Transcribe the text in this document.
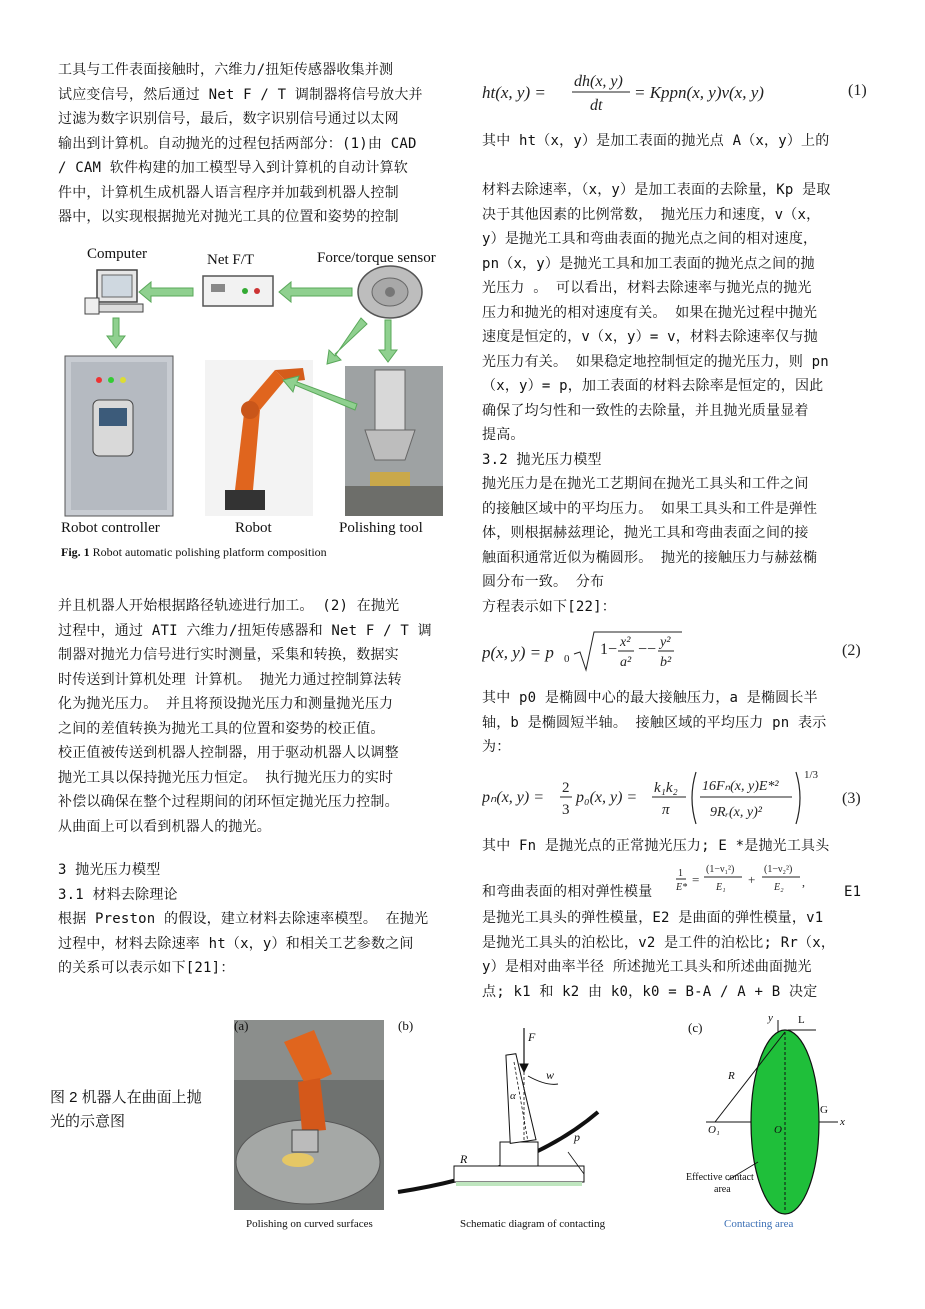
工具与工件表面接触时，六维力/扭矩传感器收集并测

试应变信号，然后通过 Net F / T 调制器将信号放大并

过滤为数字识别信号，最后，数字识别信号通过以太网

输出到计算机。自动抛光的过程包括两部分：(1)由 CAD

/ CAM 软件构建的加工模型导入到计算机的自动计算软

件中，计算机生成机器人语言程序并加载到机器人控制

器中，以实现根据抛光对抛光工具的位置和姿势的控制

Computer	Net F/T	Force/torque sensor
Robot controller	Robot	Polishing tool
Fig. 1 Robot automatic polishing platform composition

并且机器人开始根据路径轨迹进行加工。 (2) 在抛光

过程中，通过 ATI 六维力/扭矩传感器和 Net F / T 调

制器对抛光力信号进行实时测量，采集和转换，数据实

时传送到计算机处理 计算机。 抛光力通过控制算法转

化为抛光压力。 并且将预设抛光压力和测量抛光压力

之间的差值转换为抛光工具的位置和姿势的校正值。

校正值被传送到机器人控制器，用于驱动机器人以调整

抛光工具以保持抛光压力恒定。 执行抛光压力的实时

补偿以确保在整个过程期间的闭环恒定抛光压力控制。

从曲面上可以看到机器人的抛光。

3 抛光压力模型

3.1 材料去除理论

根据 Preston 的假设，建立材料去除速率模型。 在抛光

过程中，材料去除速率 ht（x，y）和相关工艺参数之间

的关系可以表示如下[21]：

ht(x, y) =
dh(x, y)
dt
= Kppn(x, y)v(x, y)	(1)

其中 ht（x，y）是加工表面的抛光点 A（x，y）上的

材料去除速率，（x，y）是加工表面的去除量，Kp 是取

决于其他因素的比例常数， 抛光压力和速度，v（x，

y）是抛光工具和弯曲表面的抛光点之间的相对速度，

pn（x，y）是抛光工具和加工表面的抛光点之间的抛

光压力 。 可以看出，材料去除速率与抛光点的抛光

压力和抛光的相对速度有关。 如果在抛光过程中抛光

速度是恒定的，v（x，y）= v，材料去除速率仅与抛

光压力有关。 如果稳定地控制恒定的抛光压力，则 pn

（x，y）= p，加工表面的材料去除率是恒定的，因此

确保了均匀性和一致性的去除量，并且抛光质量显着

提高。

3.2 抛光压力模型

抛光压力是在抛光工艺期间在抛光工具头和工件之间

的接触区域中的平均压力。 如果工具头和工件是弹性

体，则根据赫兹理论，抛光工具和弯曲表面之间的接

触面积通常近似为椭圆形。 抛光的接触压力与赫兹椭

圆分布一致。 分布

方程表示如下[22]：

p(x, y) = p 0
1− x²
a²
−− y²
b²
(2)

其中 p0 是椭圆中心的最大接触压力，a 是椭圆长半

轴，b 是椭圆短半轴。 接触区域的平均压力 pn 表示

为：

pₙ(x, y) =
2
3
p₀(x, y) =
k₁k₂
π
16Fₙ(x, y)E*²
9Rᵣ(x, y)²
1/3
(3)

其中 Fn 是抛光点的正常抛光压力; E *是抛光工具头

和弯曲表面的相对弹性模量
1
E*
=
(1−ν₁²)
E₁
+
(1−ν₂²)
E₂ ,
E1

是抛光工具头的弹性模量，E2 是曲面的弹性模量，v1

是抛光工具头的泊松比，v2 是工件的泊松比; Rr（x，

y）是相对曲率半径 所述抛光工具头和所述曲面抛光

点; k1 和 k2 由 k0，k0 = B-A / A + B 决定

图 2 机器人在曲面上抛
光的示意图
(a)	(b)	(c)
F
w
α
R
p
y L
R
G
O₁	O
x
Effective contact
area
Polishing on curved surfaces	Schematic diagram of contacting	Contacting area
